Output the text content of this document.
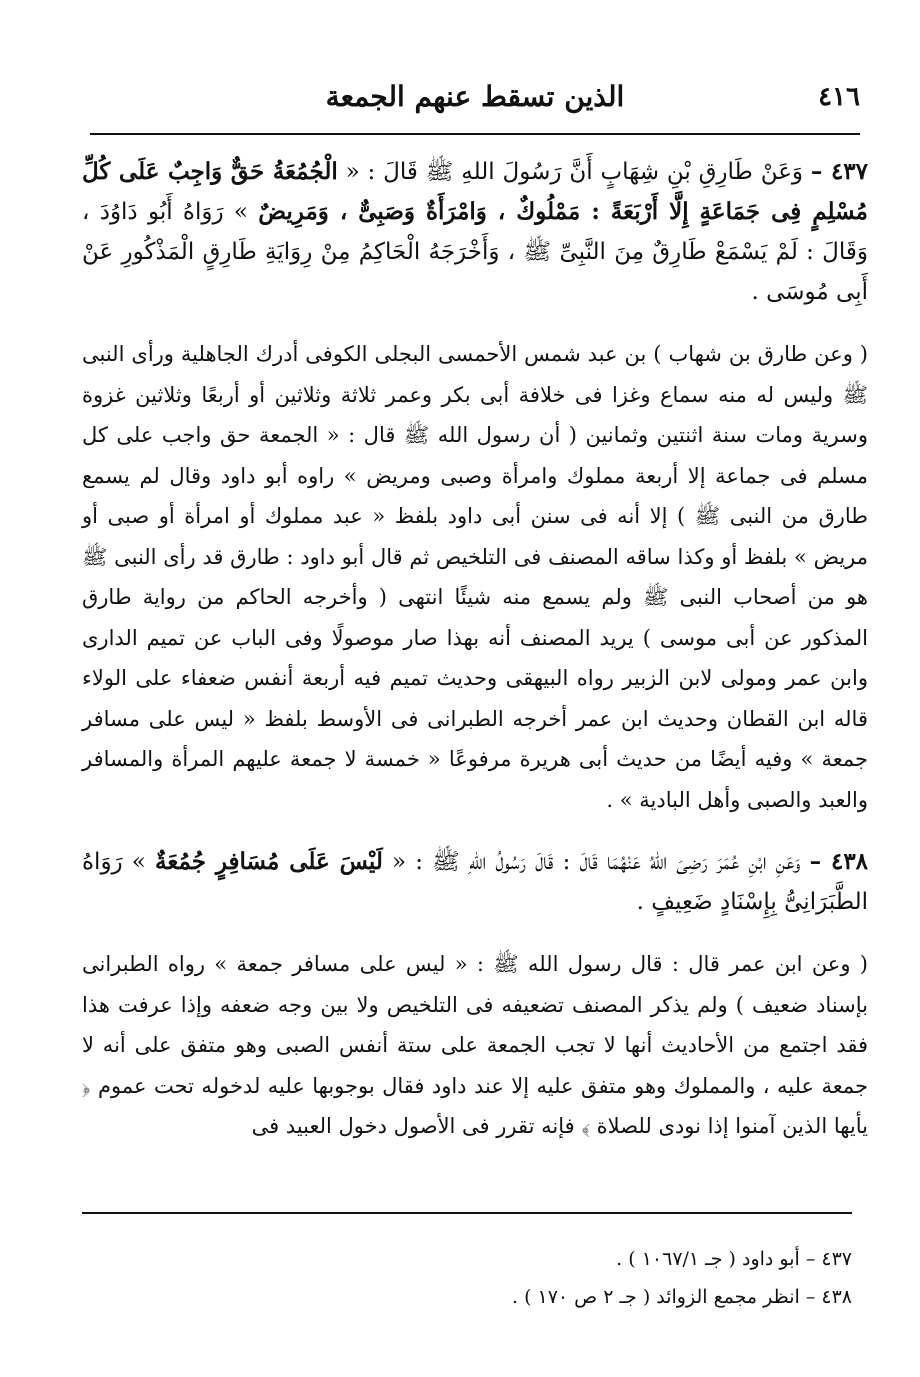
٤١٦
الذين تسقط عنهم الجمعة

٤٣٧ – وَعَنْ طَارِقِ بْنِ شِهَابٍ أَنَّ رَسُولَ اللهِ ﷺ قَالَ : « الْجُمُعَةُ حَقٌّ وَاجِبٌ عَلَى كُلِّ مُسْلِمٍ فِى جَمَاعَةٍ إِلَّا أَرْبَعَةً : مَمْلُوكٌ ، وَامْرَأَةٌ وَصَبِىٌّ ، وَمَرِيضٌ » رَوَاهُ أَبُو دَاوُدَ ، وَقَالَ : لَمْ يَسْمَعْ طَارِقٌ مِنَ النَّبِىِّ ﷺ ، وَأَخْرَجَهُ الْحَاكِمُ مِنْ رِوَايَةِ طَارِقٍ الْمَذْكُورِ عَنْ أَبِى مُوسَى .

( وعن طارق بن شهاب ) بن عبد شمس الأحمسى البجلى الكوفى أدرك الجاهلية ورأى النبى ﷺ وليس له منه سماع وغزا فى خلافة أبى بكر وعمر ثلاثة وثلاثين أو أربعًا وثلاثين غزوة وسرية ومات سنة اثنتين وثمانين ( أن رسول الله ﷺ قال : « الجمعة حق واجب على كل مسلم فى جماعة إلا أربعة مملوك وامرأة وصبى ومريض » راوه أبو داود وقال لم يسمع طارق من النبى ﷺ ) إلا أنه فى سنن أبى داود بلفظ « عبد مملوك أو امرأة أو صبى أو مريض » بلفظ أو وكذا ساقه المصنف فى التلخيص ثم قال أبو داود : طارق قد رأى النبى ﷺ هو من أصحاب النبى ﷺ ولم يسمع منه شيئًا انتهى ( وأخرجه الحاكم من رواية طارق المذكور عن أبى موسى ) يريد المصنف أنه بهذا صار موصولًا وفى الباب عن تميم الدارى وابن عمر ومولى لابن الزبير رواه البيهقى وحديث تميم فيه أربعة أنفس ضعفاء على الولاء قاله ابن القطان وحديث ابن عمر أخرجه الطبرانى فى الأوسط بلفظ « ليس على مسافر جمعة » وفيه أيضًا من حديث أبى هريرة مرفوعًا « خمسة لا جمعة عليهم المرأة والمسافر والعبد والصبى وأهل البادية » .

٤٣٨ – وَعَنِ ابْنِ عُمَرَ رَضِىَ اللهُ عَنْهُمَا قَالَ : قَالَ رَسُولُ اللهِ ﷺ : « لَيْسَ عَلَى مُسَافِرٍ جُمُعَةٌ » رَوَاهُ الطَّبَرَانِىُّ بِإِسْنَادٍ ضَعِيفٍ .

( وعن ابن عمر قال : قال رسول الله ﷺ : « ليس على مسافر جمعة » رواه الطبرانى بإسناد ضعيف ) ولم يذكر المصنف تضعيفه فى التلخيص ولا بين وجه ضعفه وإذا عرفت هذا فقد اجتمع من الأحاديث أنها لا تجب الجمعة على ستة أنفس الصبى وهو متفق على أنه لا جمعة عليه ، والمملوك وهو متفق عليه إلا عند داود فقال بوجوبها عليه لدخوله تحت عموم ﴿ يأيها الذين آمنوا إذا نودى للصلاة ﴾ فإنه تقرر فى الأصول دخول العبيد فى

٤٣٧ – أبو داود ( جـ ١٠٦٧/١ ) .

٤٣٨ – انظر مجمع الزوائد ( جـ ٢ ص ١٧٠ ) .
